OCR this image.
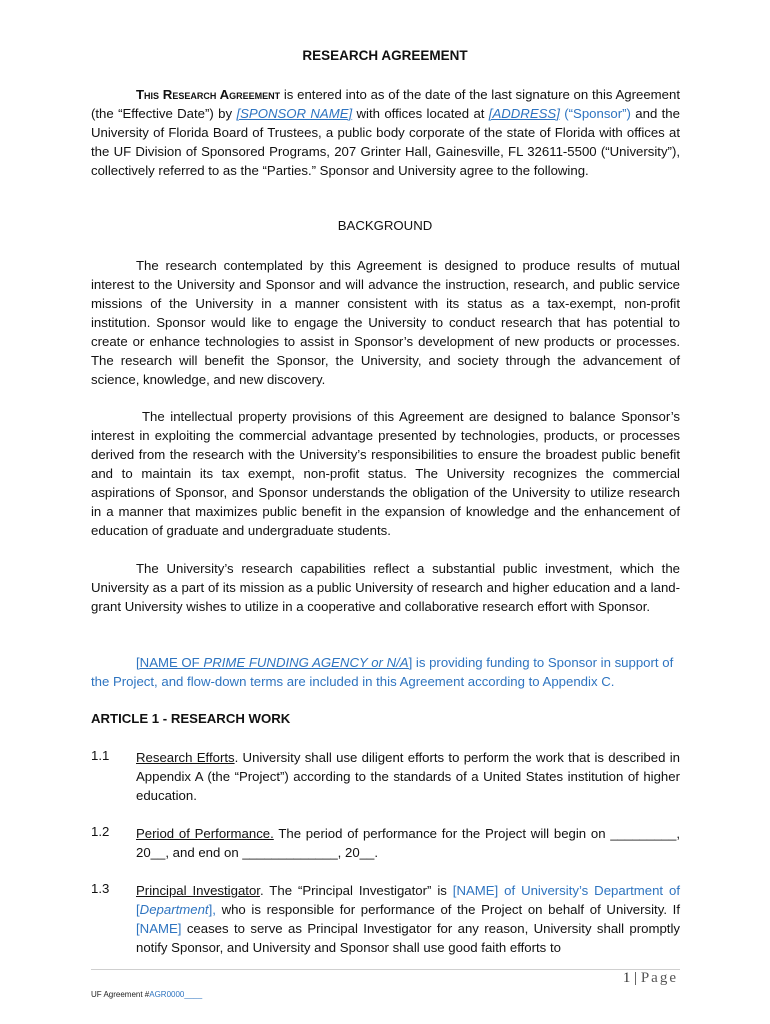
RESEARCH AGREEMENT

This Research Agreement is entered into as of the date of the last signature on this Agreement (the “Effective Date”) by [SPONSOR NAME] with offices located at [ADDRESS] (“Sponsor”) and the University of Florida Board of Trustees, a public body corporate of the state of Florida with offices at the UF Division of Sponsored Programs, 207 Grinter Hall, Gainesville, FL 32611-5500 (“University”), collectively referred to as the “Parties.” Sponsor and University agree to the following.

BACKGROUND

The research contemplated by this Agreement is designed to produce results of mutual interest to the University and Sponsor and will advance the instruction, research, and public service missions of the University in a manner consistent with its status as a tax-exempt, non-profit institution. Sponsor would like to engage the University to conduct research that has potential to create or enhance technologies to assist in Sponsor’s development of new products or processes. The research will benefit the Sponsor, the University, and society through the advancement of science, knowledge, and new discovery.

The intellectual property provisions of this Agreement are designed to balance Sponsor’s interest in exploiting the commercial advantage presented by technologies, products, or processes derived from the research with the University’s responsibilities to ensure the broadest public benefit and to maintain its tax exempt, non-profit status. The University recognizes the commercial aspirations of Sponsor, and Sponsor understands the obligation of the University to utilize research in a manner that maximizes public benefit in the expansion of knowledge and the enhancement of education of graduate and undergraduate students.

The University’s research capabilities reflect a substantial public investment, which the University as a part of its mission as a public University of research and higher education and a land-grant University wishes to utilize in a cooperative and collaborative research effort with Sponsor.

[NAME OF PRIME FUNDING AGENCY or N/A] is providing funding to Sponsor in support of the Project, and flow-down terms are included in this Agreement according to Appendix C.

ARTICLE 1 - RESEARCH WORK
1.1 Research Efforts. University shall use diligent efforts to perform the work that is described in Appendix A (the “Project”) according to the standards of a United States institution of higher education.

1.2 Period of Performance. The period of performance for the Project will begin on _________, 20__, and end on _____________, 20__.

1.3 Principal Investigator. The “Principal Investigator” is [NAME] of University’s Department of [Department], who is responsible for performance of the Project on behalf of University. If [NAME] ceases to serve as Principal Investigator for any reason, University shall promptly notify Sponsor, and University and Sponsor shall use good faith efforts to

1 | Page
UF Agreement #AGR0000____
